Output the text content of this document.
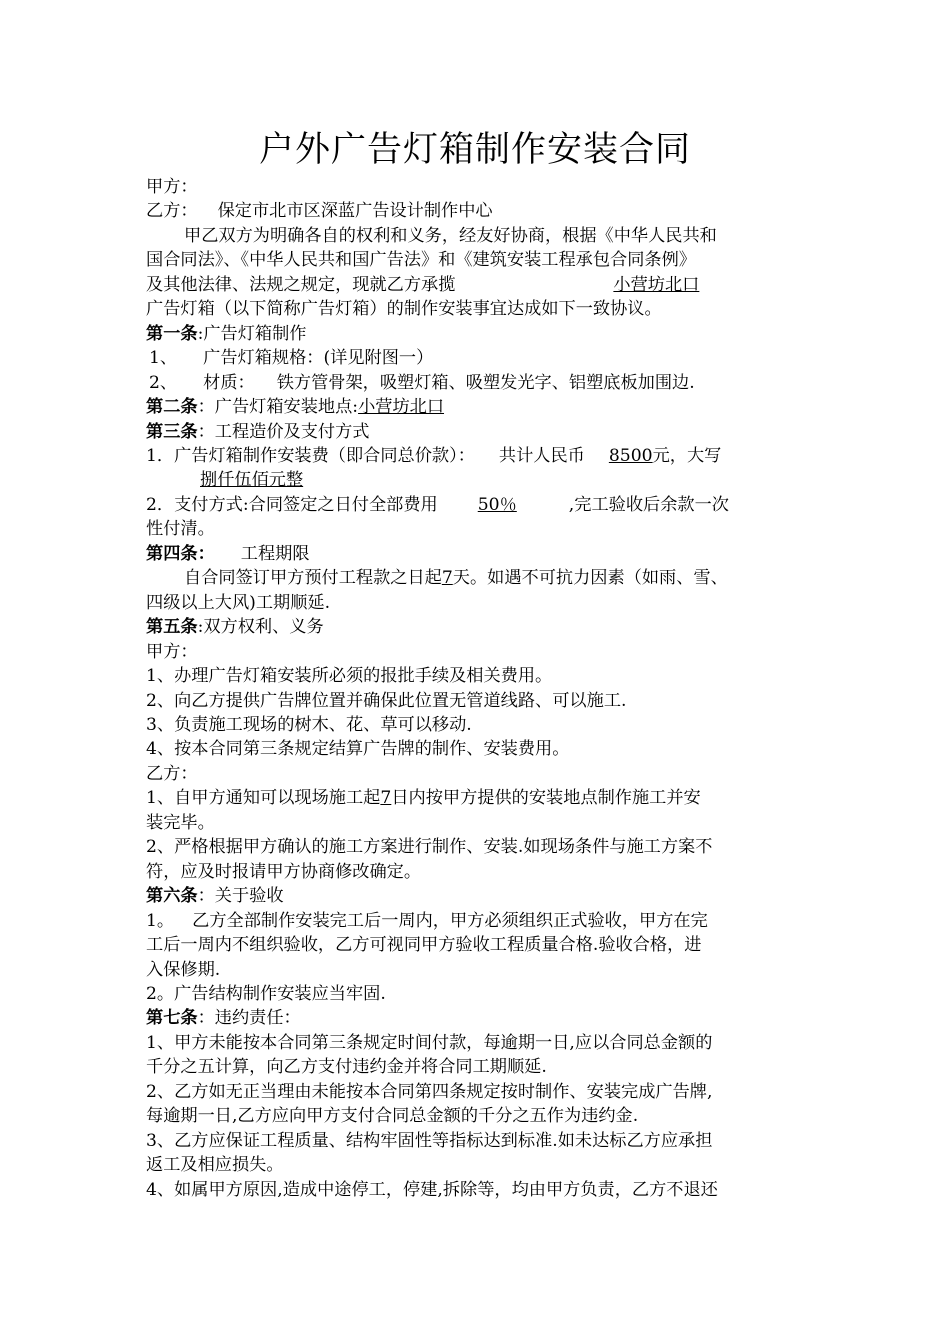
户外广告灯箱制作安装合同

甲方：

乙方： 保定市北市区深蓝广告设计制作中心

甲乙双方为明确各自的权利和义务，经友好协商，根据《中华人民共和

国合同法》、《中华人民共和国广告法》和《建筑安装工程承包合同条例》

及其他法律、法规之规定，现就乙方承揽	小营坊北口

广告灯箱（以下简称广告灯箱）的制作安装事宜达成如下一致协议。

第一条:广告灯箱制作

1、 广告灯箱规格：(详见附图一）

2、 材质： 铁方管骨架，吸塑灯箱、吸塑发光字、铝塑底板加围边.

第二条：广告灯箱安装地点:小营坊北口

第三条：工程造价及支付方式

1．广告灯箱制作安装费（即合同总价款）： 共计人民币 8500元，大写

捌仟伍佰元整

2．支付方式:合同签定之日付全部费用 50％	,完工验收后余款一次

性付清。

第四条： 工程期限

自合同签订甲方预付工程款之日起7天。如遇不可抗力因素（如雨、雪、

四级以上大风)工期顺延.

第五条:双方权利、义务

甲方：

1、办理广告灯箱安装所必须的报批手续及相关费用。

2、向乙方提供广告牌位置并确保此位置无管道线路、可以施工.

3、负责施工现场的树木、花、草可以移动.

4、按本合同第三条规定结算广告牌的制作、安装费用。

乙方：

1、自甲方通知可以现场施工起7日内按甲方提供的安装地点制作施工并安

装完毕。

2、严格根据甲方确认的施工方案进行制作、安装.如现场条件与施工方案不

符，应及时报请甲方协商修改确定。

第六条：关于验收

1。 乙方全部制作安装完工后一周内，甲方必须组织正式验收，甲方在完

工后一周内不组织验收，乙方可视同甲方验收工程质量合格.验收合格，进

入保修期.

2。广告结构制作安装应当牢固.

第七条：违约责任：

1、甲方未能按本合同第三条规定时间付款，每逾期一日,应以合同总金额的

千分之五计算，向乙方支付违约金并将合同工期顺延.

2、乙方如无正当理由未能按本合同第四条规定按时制作、安装完成广告牌,

每逾期一日,乙方应向甲方支付合同总金额的千分之五作为违约金.

3、乙方应保证工程质量、结构牢固性等指标达到标准.如未达标乙方应承担

返工及相应损失。

4、如属甲方原因,造成中途停工，停建,拆除等，均由甲方负责，乙方不退还
